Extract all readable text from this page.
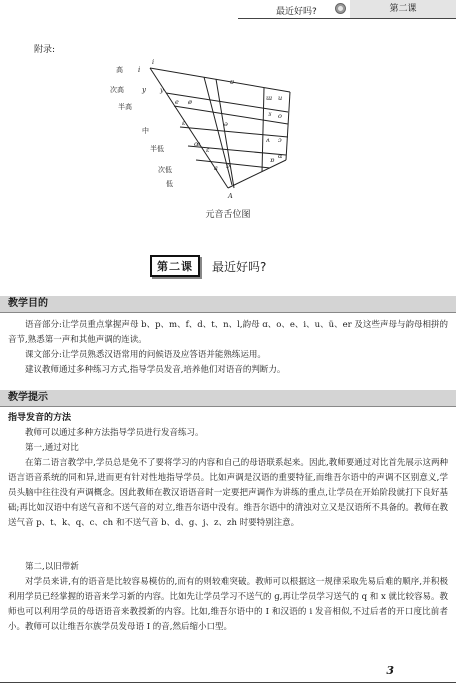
最近好吗?	第二课
附录:
高 i
次高	y
半高
中
半低
次低
低
i
y
e ø
ε
œ
ɛ
a
ɯ u
ɤ o
ʌ ɔ
ɑ
ɒ
ə
ɐ
A
ʊ
元音舌位图
第二课	最近好吗?
教学目的

语音部分:让学员重点掌握声母 b、p、m、f、d、t、n、l,韵母 ɑ、o、e、i、u、ü、er 及这些声母与韵母相拼的音节,熟悉第一声和其他声调的连读。

课文部分:让学员熟悉汉语常用的问候语及应答语并能熟练运用。

建议教师通过多种练习方式,指导学员发音,培养他们对语音的判断力。

教学提示
指导发音的方法

教师可以通过多种方法指导学员进行发音练习。

第一,通过对比

在第二语言教学中,学员总是免不了要将学习的内容和自己的母语联系起来。因此,教师要通过对比首先展示这两种语言语音系统的同和异,进而更有针对性地指导学员。比如声调是汉语的重要特征,而维吾尔语中的声调不区别意义,学员头脑中往往没有声调概念。因此教师在教汉语语音时一定要把声调作为讲练的重点,让学员在开始阶段就打下良好基础;再比如汉语中有送气音和不送气音的对立,维吾尔语中没有。维吾尔语中的清浊对立又是汉语所不具备的。教师在教送气音 p、t、k、q、c、ch 和不送气音 b、d、g、j、z、zh 时要特别注意。

第二,以旧带新

对学员来讲,有的语音是比较容易模仿的,而有的则较难突破。教师可以根据这一规律采取先易后难的顺序,并积极利用学员已经掌握的语音来学习新的内容。比如先让学员学习不送气的 ɡ,再让学员学习送气的 q 和 x 就比较容易。教师也可以利用学员的母语语音来教授新的内容。比如,维吾尔语中的 I 和汉语的 i 发音相似,不过后者的开口度比前者小。教师可以让维吾尔族学员发母语 I 的音,然后缩小口型。

3
